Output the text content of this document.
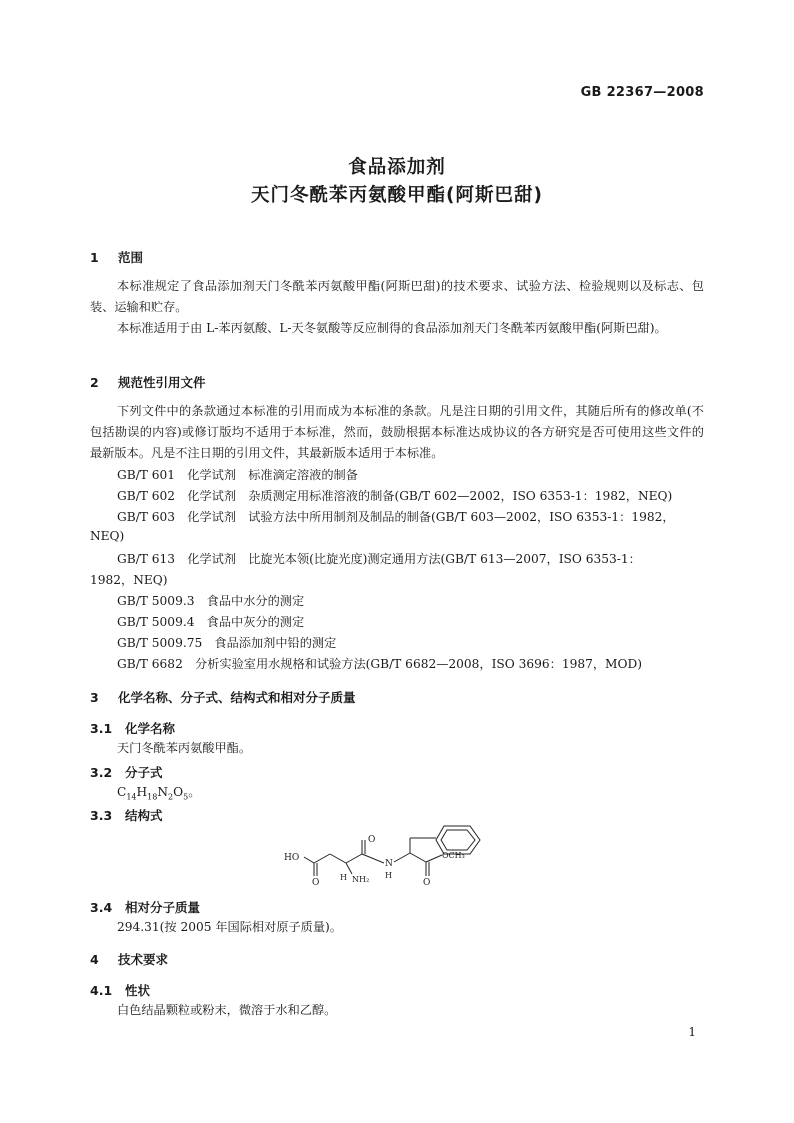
GB 22367—2008
食品添加剂
天门冬酰苯丙氨酸甲酯(阿斯巴甜)
1 范围
本标准规定了食品添加剂天门冬酰苯丙氨酸甲酯(阿斯巴甜)的技术要求、试验方法、检验规则以及标志、包装、运输和贮存。
本标准适用于由 L-苯丙氨酸、L-天冬氨酸等反应制得的食品添加剂天门冬酰苯丙氨酸甲酯(阿斯巴甜)。
2 规范性引用文件
下列文件中的条款通过本标准的引用而成为本标准的条款。凡是注日期的引用文件，其随后所有的修改单(不包括勘误的内容)或修订版均不适用于本标准，然而，鼓励根据本标准达成协议的各方研究是否可使用这些文件的最新版本。凡是不注日期的引用文件，其最新版本适用于本标准。
GB/T 601　化学试剂　标准滴定溶液的制备
GB/T 602　化学试剂　杂质测定用标准溶液的制备(GB/T 602—2002，ISO 6353-1：1982，NEQ)
GB/T 603　化学试剂　试验方法中所用制剂及制品的制备(GB/T 603—2002，ISO 6353-1：1982，
NEQ)
GB/T 613　化学试剂　比旋光本领(比旋光度)测定通用方法(GB/T 613—2007，ISO 6353-1：
1982，NEQ)
GB/T 5009.3　食品中水分的测定
GB/T 5009.4　食品中灰分的测定
GB/T 5009.75　食品添加剂中铅的测定
GB/T 6682　分析实验室用水规格和试验方法(GB/T 6682—2008，ISO 3696：1987，MOD)
3 化学名称、分子式、结构式和相对分子质量
3.1 化学名称
天门冬酰苯丙氨酸甲酯。
3.2 分子式
$C_{14}H_{18}N_2O_5$。
3.3 结构式
HO
O
O
N
H
H NH₂	O
OCH₃
3.4 相对分子质量
294.31(按 2005 年国际相对原子质量)。
4 技术要求
4.1 性状
白色结晶颗粒或粉末，微溶于水和乙醇。
1
